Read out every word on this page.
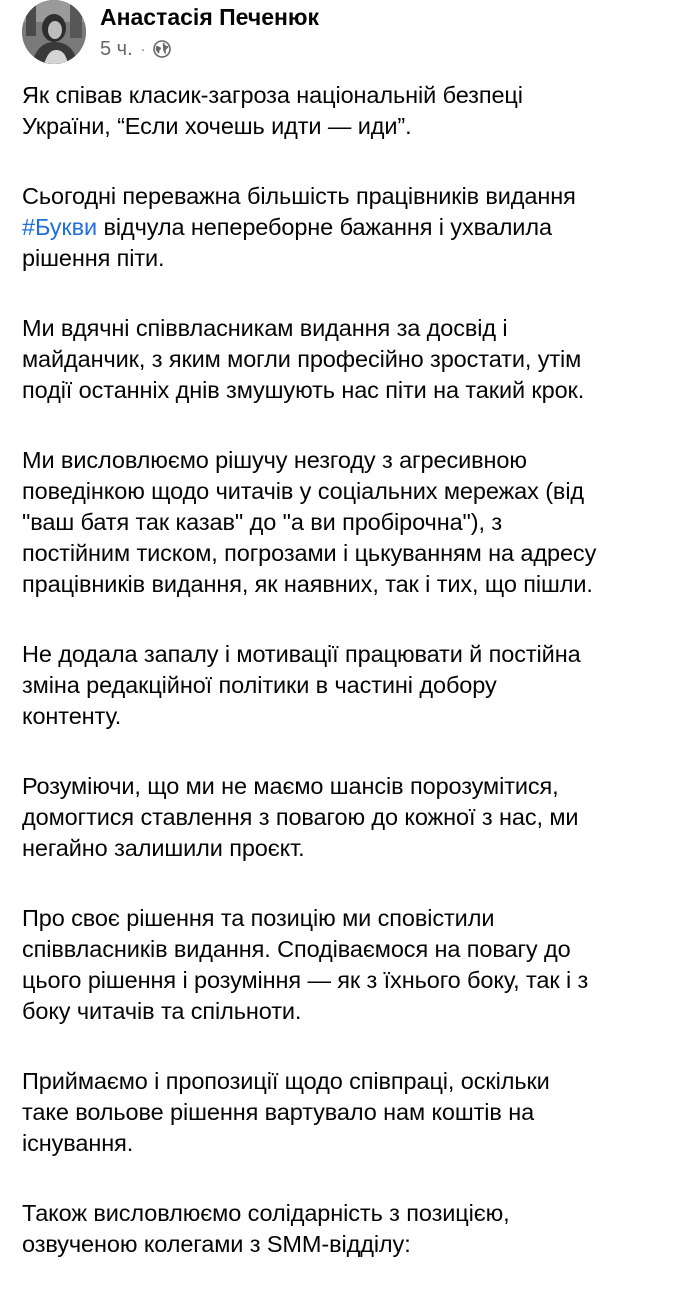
Анастасія Печенюк
5 ч. ·

Як співав класик-загроза національній безпеці
України, “Если хочешь идти — иди”.

Сьогодні переважна більшість працівників видання
#Букви відчула непереборне бажання і ухвалила
рішення піти.

Ми вдячні співвласникам видання за досвід і
майданчик, з яким могли професійно зростати, утім
події останніх днів змушують нас піти на такий крок.

Ми висловлюємо рішучу незгоду з агресивною
поведінкою щодо читачів у соціальних мережах (від
"ваш батя так казав" до "а ви пробірочна"), з
постійним тиском, погрозами і цькуванням на адресу
працівників видання, як наявних, так і тих, що пішли.

Не додала запалу і мотивації працювати й постійна
зміна редакційної політики в частині добору
контенту.

Розуміючи, що ми не маємо шансів порозумітися,
домогтися ставлення з повагою до кожної з нас, ми
негайно залишили проєкт.

Про своє рішення та позицію ми сповістили
співвласників видання. Сподіваємося на повагу до
цього рішення і розуміння — як з їхнього боку, так і з
боку читачів та спільноти.

Приймаємо і пропозиції щодо співпраці, оскільки
таке вольове рішення вартувало нам коштів на
існування.

Також висловлюємо солідарність з позицією,
озвученою колегами з SMM-відділу:
